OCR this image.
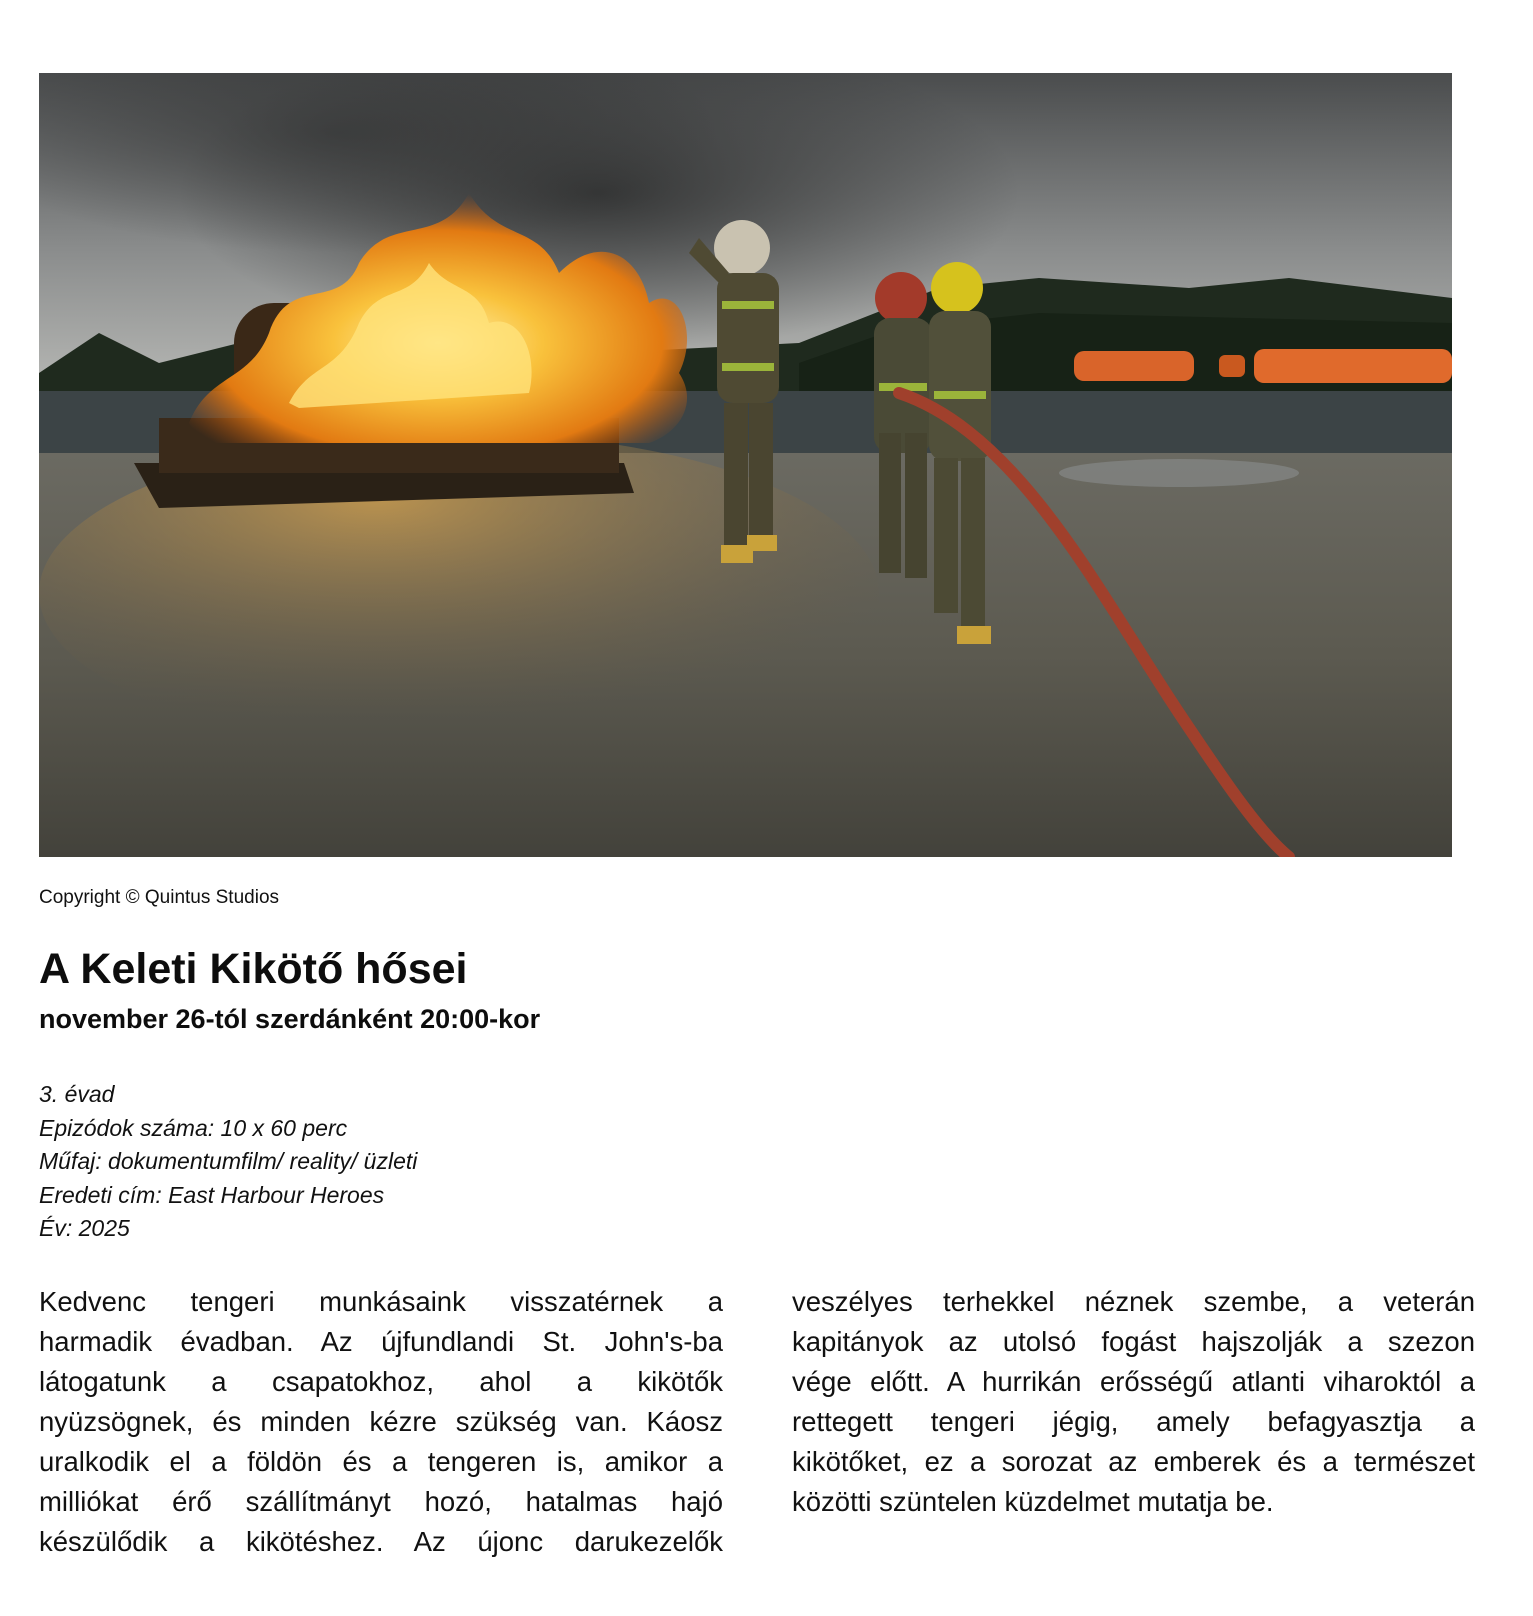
Copyright © Quintus Studios
A Keleti Kikötő hősei
november 26-tól szerdánként 20:00-kor
3. évad
Epizódok száma: 10 x 60 perc
Műfaj: dokumentumfilm/ reality/ üzleti
Eredeti cím: East Harbour Heroes
Év: 2025
Kedvenc tengeri munkásaink visszatérnek a
harmadik évadban. Az újfundlandi St. John's-ba
látogatunk a csapatokhoz, ahol a kikötők
nyüzsögnek, és minden kézre szükség van. Káosz
uralkodik el a földön és a tengeren is, amikor a
milliókat érő szállítmányt hozó, hatalmas hajó
készülődik a kikötéshez. Az újonc darukezelők
veszélyes terhekkel néznek szembe, a veterán
kapitányok az utolsó fogást hajszolják a szezon
vége előtt. A hurrikán erősségű atlanti viharoktól a
rettegett tengeri jégig, amely befagyasztja a
kikötőket, ez a sorozat az emberek és a természet
közötti szüntelen küzdelmet mutatja be.
